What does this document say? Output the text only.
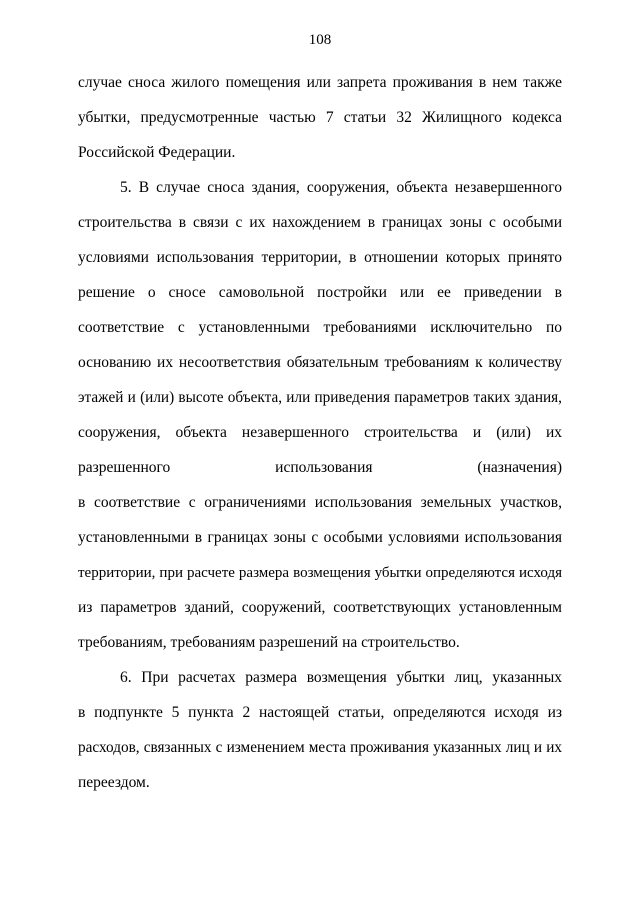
108
случае сноса жилого помещения или запрета проживания в нем также
убытки, предусмотренные частью 7 статьи 32 Жилищного кодекса
Российской Федерации.
5. В случае сноса здания, сооружения, объекта незавершенного
строительства в связи с их нахождением в границах зоны с особыми
условиями использования территории, в отношении которых принято
решение о сносе самовольной постройки или ее приведении в
соответствие с установленными требованиями исключительно по
основанию их несоответствия обязательным требованиям к количеству
этажей и (или) высоте объекта, или приведения параметров таких здания,
сооружения, объекта незавершенного строительства и (или) их
разрешенного использования (назначения)
в соответствие с ограничениями использования земельных участков,
установленными в границах зоны с особыми условиями использования
территории, при расчете размера возмещения убытки определяются исходя
из параметров зданий, сооружений, соответствующих установленным
требованиям, требованиям разрешений на строительство.
6. При расчетах размера возмещения убытки лиц, указанных
в подпункте 5 пункта 2 настоящей статьи, определяются исходя из
расходов, связанных с изменением места проживания указанных лиц и их
переездом.
